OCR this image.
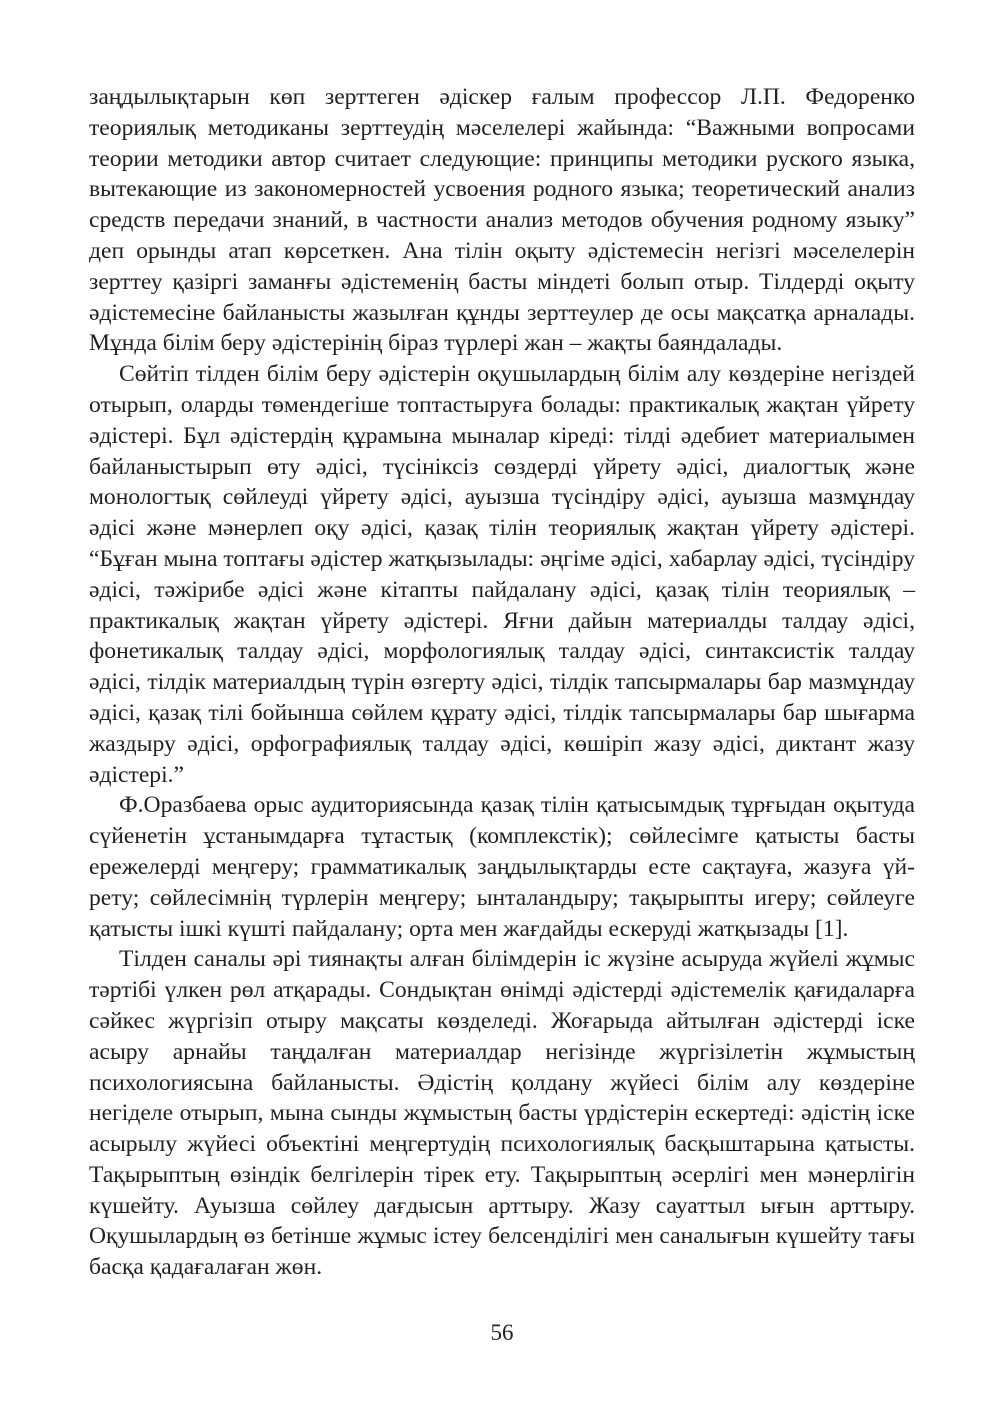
заңдылықтарын көп зерттеген әдіскер ғалым профессор Л.П. Федоренко теориялық методиканы зерттеудің мәселелері жайында: “Важными вопросами теории методики автор считает следующие: принципы методики руского языка, вытекающие из закономерностей усвоения родного языка; теоретический анализ средств передачи знаний, в частности анализ методов обучения родному языку” деп орынды атап көрсеткен. Ана тілін оқыту әдістемесін негізгі мәселелерін зерттеу қазіргі заманғы әдістеменің басты міндеті болып отыр. Тілдерді оқыту әдістемесіне байланысты жазылған құнды зерттеулер де осы мақсатқа арналады. Мұнда білім беру әдістерінің біраз түрлері жан – жақты баяндалады.

Сөйтіп тілден білім беру әдістерін оқушылардың білім алу көздеріне негіздей отырып, оларды төмендегіше топтастыруға болады: практикалық жақтан үйрету әдістері. Бұл әдістердің құрамына мыналар кіреді: тілді әдебиет материалымен байланыстырып өту әдісі, түсініксіз сөздерді үйрету әдісі, диалогтық және монологтық сөйлеуді үйрету әдісі, ауызша түсіндіру әдісі, ауызша мазмұндау әдісі және мәнерлеп оқу әдісі, қазақ тілін теориялық жақтан үйрету әдістері. “Бұған мына топтағы әдістер жатқызылады: әңгіме әдісі, хабарлау әдісі, түсіндіру әдісі, тәжірибе әдісі және кітапты пайдалану әдісі, қазақ тілін теориялық – практикалық жақтан үйрету әдістері. Яғни дайын материалды талдау әдісі, фонетикалық талдау әдісі, морфологиялық талдау әдісі, синтаксистік талдау әдісі, тілдік материалдың түрін өзгерту әдісі, тілдік тапсырмалары бар мазмұндау әдісі, қазақ тілі бойынша сөйлем құрату әдісі, тілдік тапсырмалары бар шығарма жаздыру әдісі, орфографиялық талдау әдісі, көшіріп жазу әдісі, диктант жазу әдістері.”

Ф.Оразбаева орыс аудиториясында қазақ тілін қатысымдық тұрғыдан оқытуда сүйенетін ұстанымдарға тұтастық (комплекстік); сөйлесімге қатысты басты ережелерді меңгеру; грамматикалық заңдылықтарды есте сақтауға, жазуға үйрету; сөйлесімнің түрлерін меңгеру; ынталандыру; тақырыпты игеру; сөйлеуге қатысты ішкі күшті пайдалану; орта мен жағдайды ескеруді жатқызады [1].

Тілден саналы әрі тиянақты алған білімдерін іс жүзіне асыруда жүйелі жұмыс тәртібі үлкен рөл атқарады. Сондықтан өнімді әдістерді әдістемелік қағидаларға сәйкес жүргізіп отыру мақсаты көзделеді. Жоғарыда айтылған әдістерді іске асыру арнайы таңдалған материалдар негізінде жүргізілетін жұмыстың психологиясына байланысты. Әдістің қолдану жүйесі білім алу көздеріне негіделе отырып, мына сынды жұмыстың басты үрдістерін ескертеді: әдістің іске асырылу жүйесі объектіні меңгертудің психологиялық басқыштарына қатысты. Тақырыптың өзіндік белгілерін тірек ету. Тақырыптың әсерлігі мен мәнерлігін күшейту. Ауызша сөйлеу дағдысын арттыру. Жазу сауаттыл ығын арттыру. Оқушылардың өз бетінше жұмыс істеу белсенділігі мен саналығын күшейту тағы басқа қадағалаған жөн.

56
